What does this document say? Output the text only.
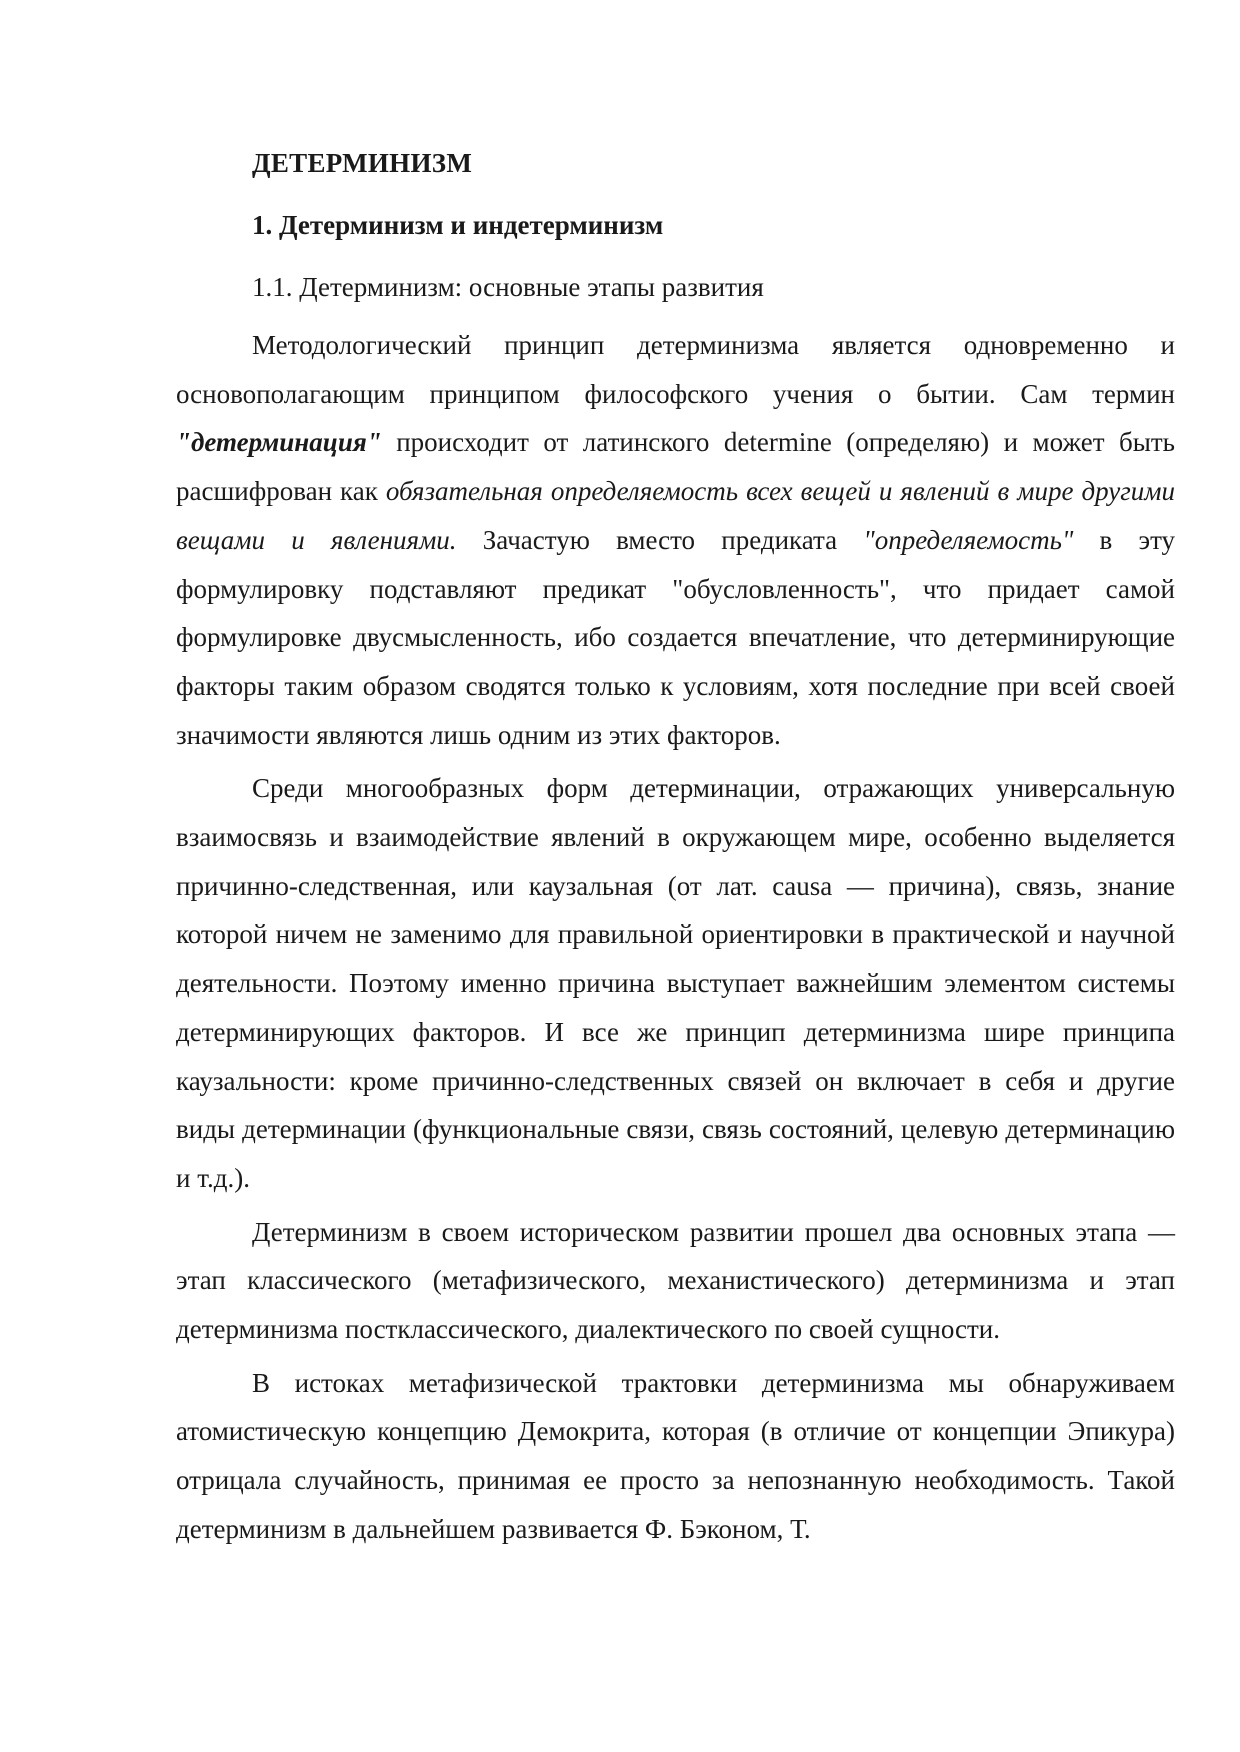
ДЕТЕРМИНИЗМ
1. Детерминизм и индетерминизм
1.1. Детерминизм: основные этапы развития

Методологический принцип детерминизма является одновременно и основополагающим принципом философского учения о бытии. Сам термин "детерминация" происходит от латинского determine (определяю) и может быть расшифрован как обязательная определяемость всех вещей и явлений в мире другими вещами и явлениями. Зачастую вместо предиката "определяемость" в эту формулировку подставляют предикат "обусловленность", что придает самой формулировке двусмысленность, ибо создается впечатление, что детерминирующие факторы таким образом сводятся только к условиям, хотя последние при всей своей значимости являются лишь одним из этих факторов.

Среди многообразных форм детерминации, отражающих универсальную взаимосвязь и взаимодействие явлений в окружающем мире, особенно выделяется причинно-следственная, или каузальная (от лат. causa — причина), связь, знание которой ничем не заменимо для правильной ориентировки в практической и научной деятельности. Поэтому именно причина выступает важнейшим элементом системы детерминирующих факторов. И все же принцип детерминизма шире принципа каузальности: кроме причинно-следственных связей он включает в себя и другие виды детерминации (функциональные связи, связь состояний, целевую детерминацию и т.д.).

Детерминизм в своем историческом развитии прошел два основных этапа — этап классического (метафизического, механистического) детерминизма и этап детерминизма постклассического, диалектического по своей сущности.

В истоках метафизической трактовки детерминизма мы обнаруживаем атомистическую концепцию Демокрита, которая (в отличие от концепции Эпикура) отрицала случайность, принимая ее просто за непознанную необходимость. Такой детерминизм в дальнейшем развивается Ф. Бэконом, Т.
